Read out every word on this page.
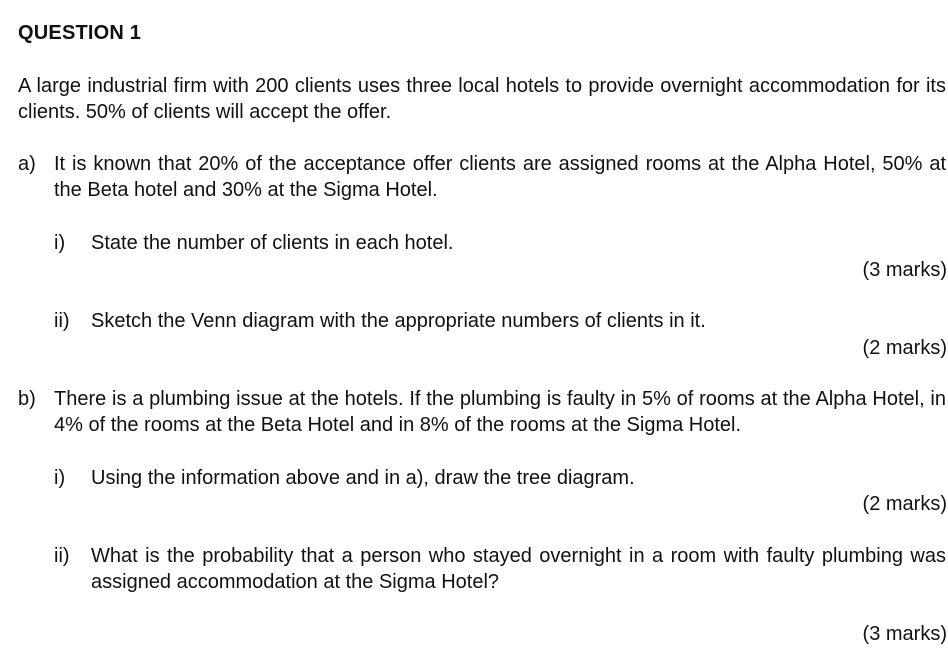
QUESTION 1
A large industrial firm with 200 clients uses three local hotels to provide overnight accommodation for its clients. 50% of clients will accept the offer.
a) It is known that 20% of the acceptance offer clients are assigned rooms at the Alpha Hotel, 50% at the Beta hotel and 30% at the Sigma Hotel.
i) State the number of clients in each hotel.
(3 marks)
ii) Sketch the Venn diagram with the appropriate numbers of clients in it.
(2 marks)
b) There is a plumbing issue at the hotels. If the plumbing is faulty in 5% of rooms at the Alpha Hotel, in 4% of the rooms at the Beta Hotel and in 8% of the rooms at the Sigma Hotel.
i) Using the information above and in a), draw the tree diagram.
(2 marks)
ii) What is the probability that a person who stayed overnight in a room with faulty plumbing was assigned accommodation at the Sigma Hotel?
(3 marks)
